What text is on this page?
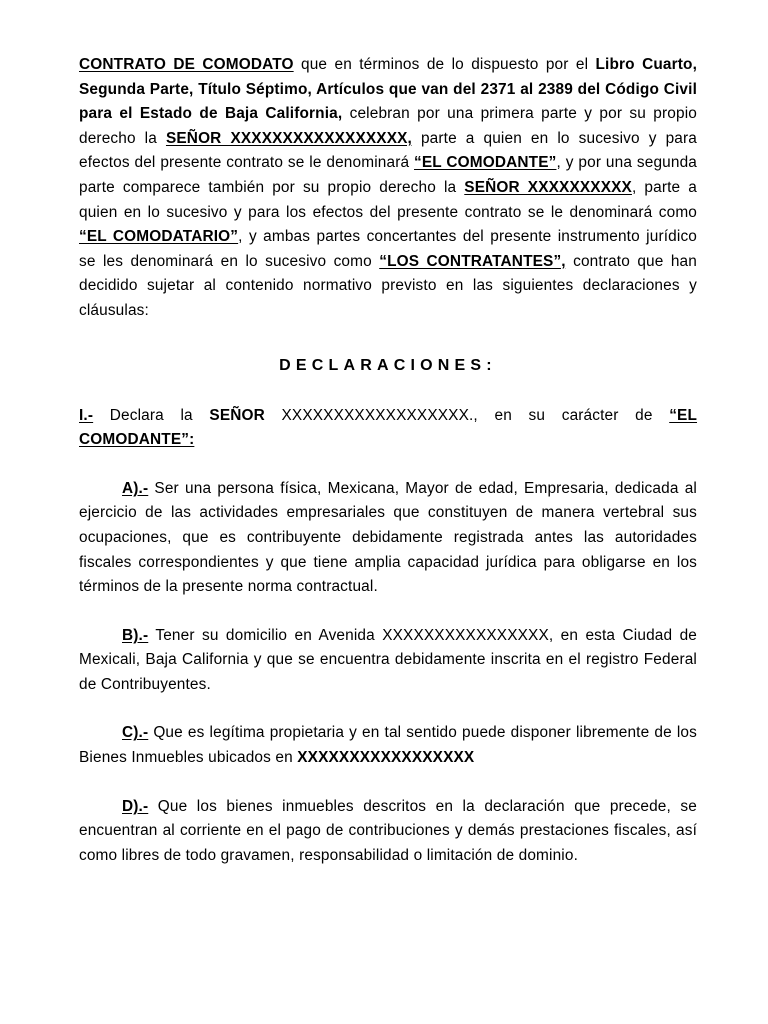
CONTRATO DE COMODATO que en términos de lo dispuesto por el Libro Cuarto, Segunda Parte, Título Séptimo, Artículos que van del 2371 al 2389 del Código Civil para el Estado de Baja California, celebran por una primera parte y por su propio derecho la SEÑOR XXXXXXXXXXXXXXXXX, parte a quien en lo sucesivo y para efectos del presente contrato se le denominará “EL COMODANTE”, y por una segunda parte comparece también por su propio derecho la SEÑOR XXXXXXXXXX, parte a quien en lo sucesivo y para los efectos del presente contrato se le denominará como “EL COMODATARIO”, y ambas partes concertantes del presente instrumento jurídico se les denominará en lo sucesivo como “LOS CONTRATANTES”, contrato que han decidido sujetar al contenido normativo previsto en las siguientes declaraciones y cláusulas:

DECLARACIONES:

I.- Declara la SEÑOR XXXXXXXXXXXXXXXXXX., en su carácter de “EL COMODANTE”:

A).- Ser una persona física, Mexicana, Mayor de edad, Empresaria, dedicada al ejercicio de las actividades empresariales que constituyen de manera vertebral sus ocupaciones, que es contribuyente debidamente registrada antes las autoridades fiscales correspondientes y que tiene amplia capacidad jurídica para obligarse en los términos de la presente norma contractual.

B).- Tener su domicilio en Avenida XXXXXXXXXXXXXXXX, en esta Ciudad de Mexicali, Baja California y que se encuentra debidamente inscrita en el registro Federal de Contribuyentes.

C).- Que es legítima propietaria y en tal sentido puede disponer libremente de los Bienes Inmuebles ubicados en XXXXXXXXXXXXXXXXX

D).- Que los bienes inmuebles descritos en la declaración que precede, se encuentran al corriente en el pago de contribuciones y demás prestaciones fiscales, así como libres de todo gravamen, responsabilidad o limitación de dominio.
